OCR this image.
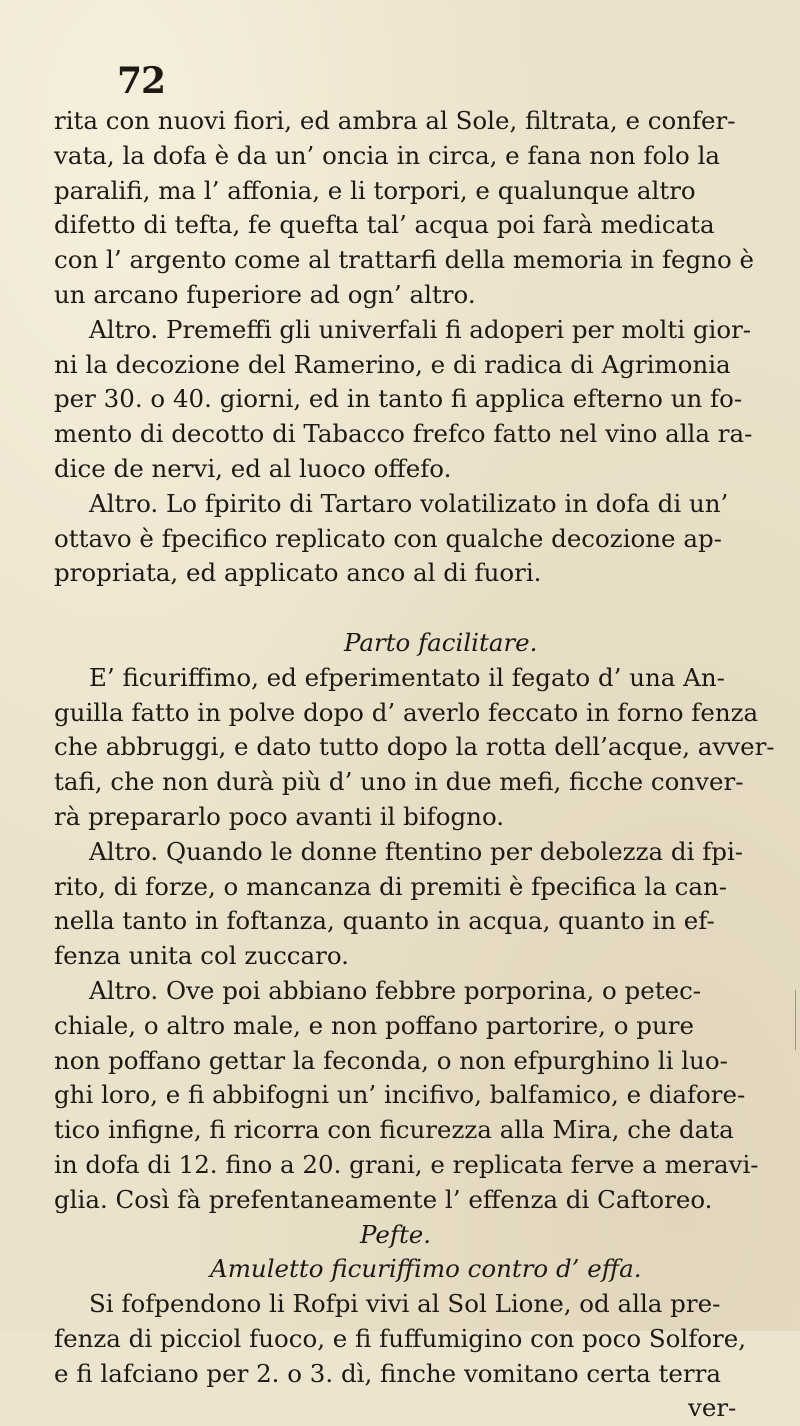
72
rita con nuovi fiori, ed ambra al Sole, filtrata, e confer-
vata, la dofa è da un’ oncia in circa, e fana non folo la
paralifi, ma l’ affonia, e li torpori, e qualunque altro
difetto di tefta, fe quefta tal’ acqua poi farà medicata
con l’ argento come al trattarfi della memoria in fegno è
un arcano fuperiore ad ogn’ altro.
Altro. Premeffi gli univerfali fi adoperi per molti gior-
ni la decozione del Ramerino, e di radica di Agrimonia
per 30. o 40. giorni, ed in tanto fi applica efterno un fo-
mento di decotto di Tabacco frefco fatto nel vino alla ra-
dice de nervi, ed al luoco offefo.
Altro. Lo fpirito di Tartaro volatilizato in dofa di un’
ottavo è fpecifico replicato con qualche decozione ap-
propriata, ed applicato anco al di fuori.
Parto facilitare.
E’ ficuriffimo, ed efperimentato il fegato d’ una An-
guilla fatto in polve dopo d’ averlo feccato in forno fenza
che abbruggi, e dato tutto dopo la rotta dell’acque, avver-
tafi, che non durà più d’ uno in due mefi, ficche conver-
rà prepararlo poco avanti il bifogno.
Altro. Quando le donne ftentino per debolezza di fpi-
rito, di forze, o mancanza di premiti è fpecifica la can-
nella tanto in foftanza, quanto in acqua, quanto in ef-
fenza unita col zuccaro.
Altro. Ove poi abbiano febbre porporina, o petec-
chiale, o altro male, e non poffano partorire, o pure
non poffano gettar la feconda, o non efpurghino li luo-
ghi loro, e fi abbifogni un’ incifivo, balfamico, e diafore-
tico infigne, fi ricorra con ficurezza alla Mira, che data
in dofa di 12. fino a 20. grani, e replicata ferve a meravi-
glia. Così fà prefentaneamente l’ effenza di Caftoreo.
Pefte.
Amuletto ficuriffimo contro d’ effa.
Si fofpendono li Rofpi vivi al Sol Lione, od alla pre-
fenza di picciol fuoco, e fi fuffumigino con poco Solfore,
e fi lafciano per 2. o 3. dì, finche vomitano certa terra
ver-
